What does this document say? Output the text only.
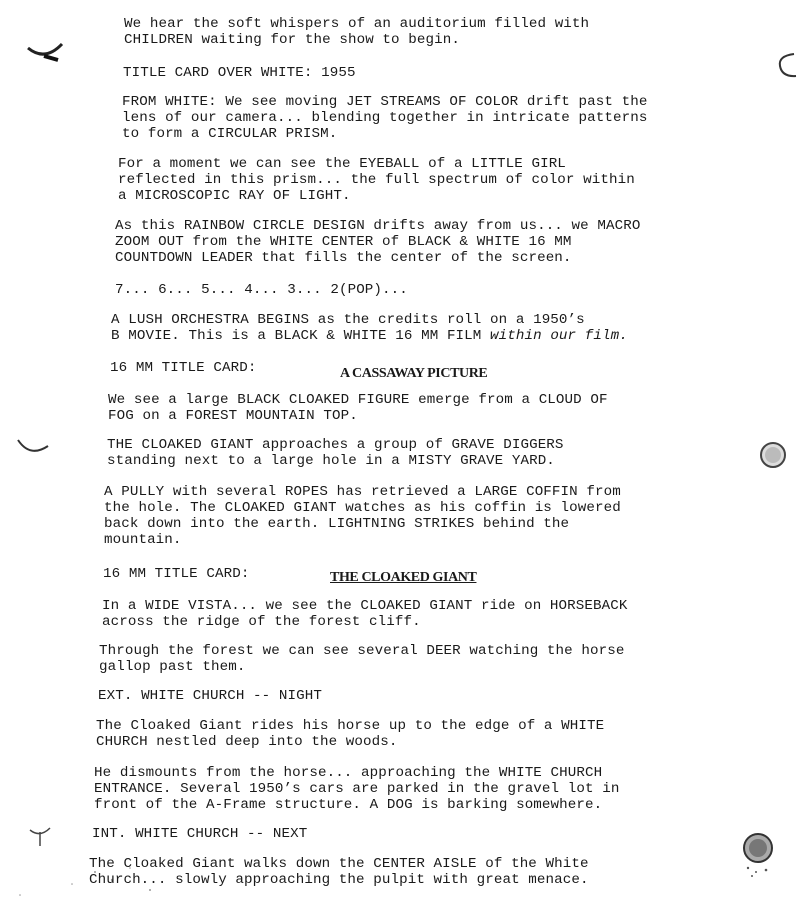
We hear the soft whispers of an auditorium filled with
CHILDREN waiting for the show to begin.

TITLE CARD OVER WHITE: 1955

FROM WHITE: We see moving JET STREAMS OF COLOR drift past the
lens of our camera... blending together in intricate patterns
to form a CIRCULAR PRISM.

For a moment we can see the EYEBALL of a LITTLE GIRL
reflected in this prism... the full spectrum of color within
a MICROSCOPIC RAY OF LIGHT.

As this RAINBOW CIRCLE DESIGN drifts away from us... we MACRO
ZOOM OUT from the WHITE CENTER of BLACK & WHITE 16 MM
COUNTDOWN LEADER that fills the center of the screen.

7... 6... 5... 4... 3... 2(POP)...

A LUSH ORCHESTRA BEGINS as the credits roll on a 1950’s
B MOVIE. This is a BLACK & WHITE 16 MM FILM within our film.

16 MM TITLE CARD:	A CASSAWAY PICTURE

We see a large BLACK CLOAKED FIGURE emerge from a CLOUD OF
FOG on a FOREST MOUNTAIN TOP.

THE CLOAKED GIANT approaches a group of GRAVE DIGGERS
standing next to a large hole in a MISTY GRAVE YARD.

A PULLY with several ROPES has retrieved a LARGE COFFIN from
the hole. The CLOAKED GIANT watches as his coffin is lowered
back down into the earth. LIGHTNING STRIKES behind the
mountain.

16 MM TITLE CARD:	THE CLOAKED GIANT

In a WIDE VISTA... we see the CLOAKED GIANT ride on HORSEBACK
across the ridge of the forest cliff.

Through the forest we can see several DEER watching the horse
gallop past them.

EXT. WHITE CHURCH -- NIGHT

The Cloaked Giant rides his horse up to the edge of a WHITE
CHURCH nestled deep into the woods.

He dismounts from the horse... approaching the WHITE CHURCH
ENTRANCE. Several 1950’s cars are parked in the gravel lot in
front of the A-Frame structure. A DOG is barking somewhere.

INT. WHITE CHURCH -- NEXT

The Cloaked Giant walks down the CENTER AISLE of the White
Church... slowly approaching the pulpit with great menace.
